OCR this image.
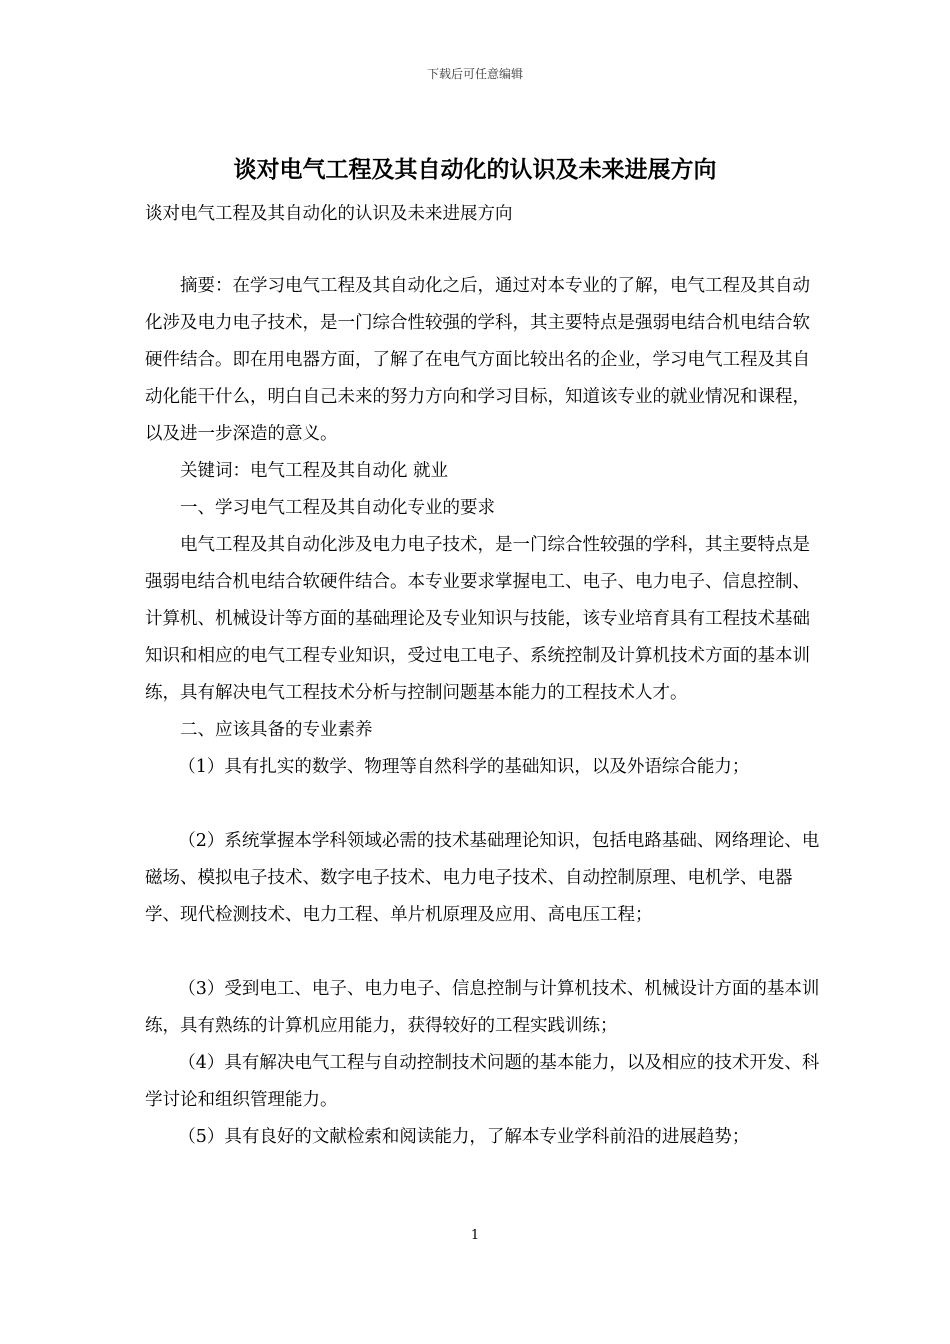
下载后可任意编辑
谈对电气工程及其自动化的认识及未来进展方向
谈对电气工程及其自动化的认识及未来进展方向

摘要：在学习电气工程及其自动化之后，通过对本专业的了解，电气工程及其自动化涉及电力电子技术，是一门综合性较强的学科，其主要特点是强弱电结合机电结合软硬件结合。即在用电器方面，了解了在电气方面比较出名的企业，学习电气工程及其自动化能干什么，明白自己未来的努力方向和学习目标，知道该专业的就业情况和课程，以及进一步深造的意义。

关键词：电气工程及其自动化 就业

一、学习电气工程及其自动化专业的要求

电气工程及其自动化涉及电力电子技术，是一门综合性较强的学科，其主要特点是强弱电结合机电结合软硬件结合。本专业要求掌握电工、电子、电力电子、信息控制、计算机、机械设计等方面的基础理论及专业知识与技能，该专业培育具有工程技术基础知识和相应的电气工程专业知识，受过电工电子、系统控制及计算机技术方面的基本训练，具有解决电气工程技术分析与控制问题基本能力的工程技术人才。

二、应该具备的专业素养

（1）具有扎实的数学、物理等自然科学的基础知识，以及外语综合能力；

（2）系统掌握本学科领域必需的技术基础理论知识，包括电路基础、网络理论、电磁场、模拟电子技术、数字电子技术、电力电子技术、自动控制原理、电机学、电器学、现代检测技术、电力工程、单片机原理及应用、高电压工程；

（3）受到电工、电子、电力电子、信息控制与计算机技术、机械设计方面的基本训练，具有熟练的计算机应用能力，获得较好的工程实践训练；

（4）具有解决电气工程与自动控制技术问题的基本能力，以及相应的技术开发、科学讨论和组织管理能力。

（5）具有良好的文献检索和阅读能力，了解本专业学科前沿的进展趋势；

1
